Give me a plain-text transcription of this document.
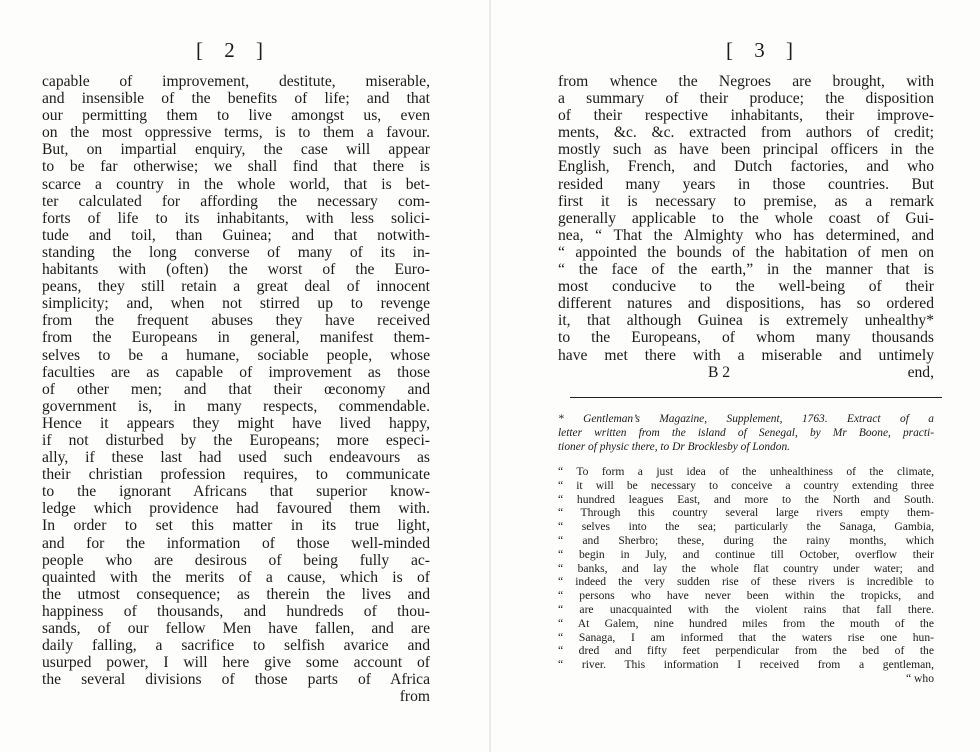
[ 2 ]
capable of improvement, destitute, miserable,
and insensible of the benefits of life; and that
our permitting them to live amongst us, even
on the most oppressive terms, is to them a favour.
But, on impartial enquiry, the case will appear
to be far otherwise; we shall find that there is
scarce a country in the whole world, that is bet-
ter calculated for affording the necessary com-
forts of life to its inhabitants, with less solici-
tude and toil, than Guinea; and that notwith-
standing the long converse of many of its in-
habitants with (often) the worst of the Euro-
peans, they still retain a great deal of innocent
simplicity; and, when not stirred up to revenge
from the frequent abuses they have received
from the Europeans in general, manifest them-
selves to be a humane, sociable people, whose
faculties are as capable of improvement as those
of other men; and that their œconomy and
government is, in many respects, commendable.
Hence it appears they might have lived happy,
if not disturbed by the Europeans; more especi-
ally, if these last had used such endeavours as
their christian profession requires, to communicate
to the ignorant Africans that superior know-
ledge which providence had favoured them with.
In order to set this matter in its true light,
and for the information of those well-minded
people who are desirous of being fully ac-
quainted with the merits of a cause, which is of
the utmost consequence; as therein the lives and
happiness of thousands, and hundreds of thou-
sands, of our fellow Men have fallen, and are
daily falling, a sacrifice to selfish avarice and
usurped power, I will here give some account of
the several divisions of those parts of Africa
from
[ 3 ]
from whence the Negroes are brought, with
a summary of their produce; the disposition
of their respective inhabitants, their improve-
ments, &c. &c. extracted from authors of credit;
mostly such as have been principal officers in the
English, French, and Dutch factories, and who
resided many years in those countries. But
first it is necessary to premise, as a remark
generally applicable to the whole coast of Gui-
nea, “ That the Almighty who has determined, and
“ appointed the bounds of the habitation of men on
“ the face of the earth,” in the manner that is
most conducive to the well-being of their
different natures and dispositions, has so ordered
it, that although Guinea is extremely unhealthy*
to the Europeans, of whom many thousands
have met there with a miserable and untimely
B 2	end,
* Gentleman’s Magazine, Supplement, 1763. Extract of a
letter written from the island of Senegal, by Mr Boone, practi-
tioner of physic there, to Dr Brocklesby of London.
“ To form a just idea of the unhealthiness of the climate,
“ it will be necessary to conceive a country extending three
“ hundred leagues East, and more to the North and South.
“ Through this country several large rivers empty them-
“ selves into the sea; particularly the Sanaga, Gambia,
“ and Sherbro; these, during the rainy months, which
“ begin in July, and continue till October, overflow their
“ banks, and lay the whole flat country under water; and
“ indeed the very sudden rise of these rivers is incredible to
“ persons who have never been within the tropicks, and
“ are unacquainted with the violent rains that fall there.
“ At Galem, nine hundred miles from the mouth of the
“ Sanaga, I am informed that the waters rise one hun-
“ dred and fifty feet perpendicular from the bed of the
“ river. This information I received from a gentleman,
“ who
